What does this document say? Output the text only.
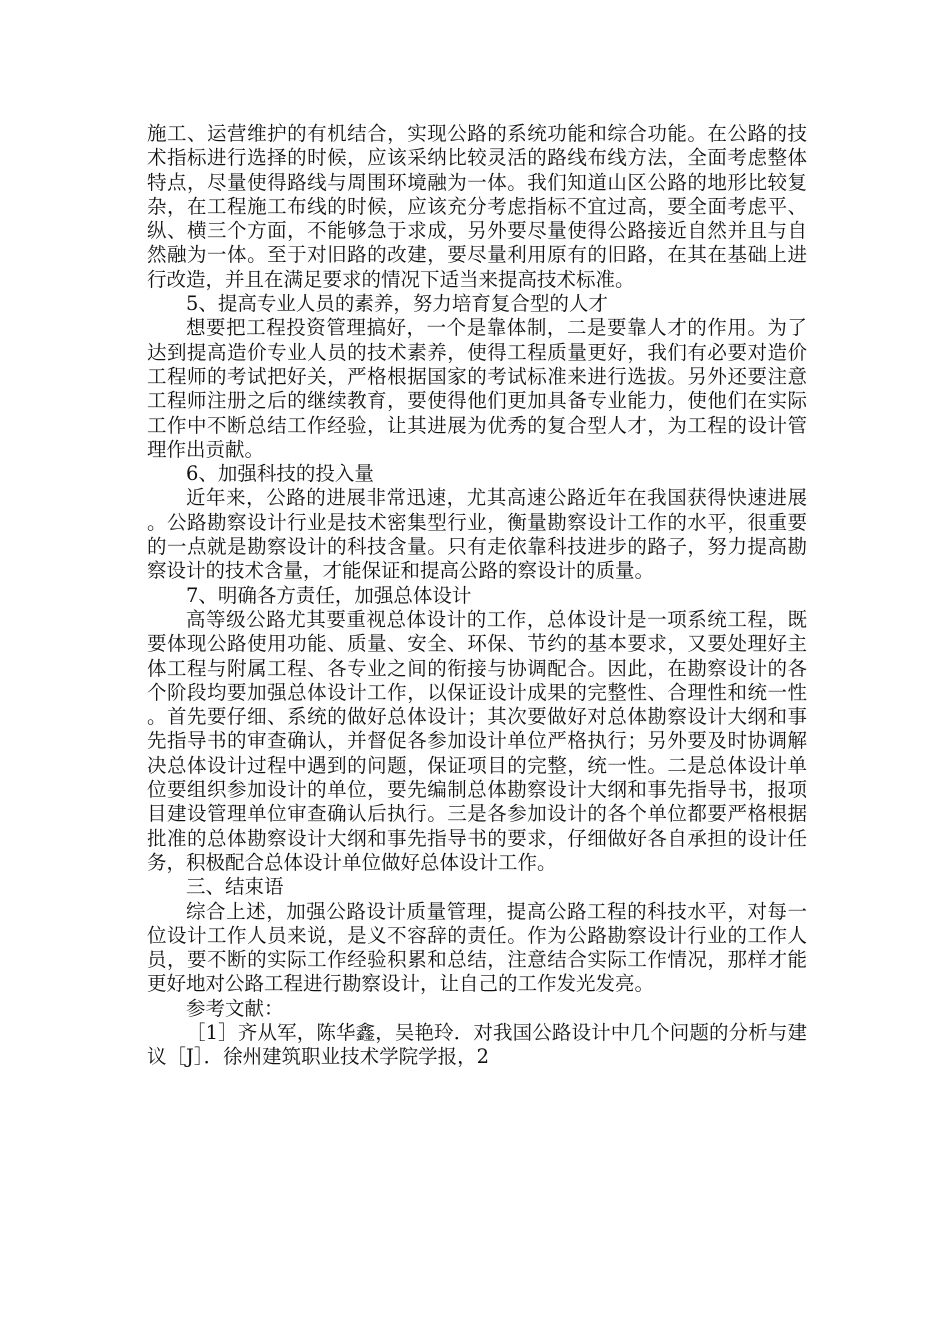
施工、运营维护的有机结合，实现公路的系统功能和综合功能。在公路的技术指标进行选择的时候，应该采纳比较灵活的路线布线方法，全面考虑整体特点，尽量使得路线与周围环境融为一体。我们知道山区公路的地形比较复杂，在工程施工布线的时候，应该充分考虑指标不宜过高，要全面考虑平、纵、横三个方面，不能够急于求成，另外要尽量使得公路接近自然并且与自然融为一体。至于对旧路的改建，要尽量利用原有的旧路，在其在基础上进行改造，并且在满足要求的情况下适当来提高技术标准。

5、提高专业人员的素养，努力培育复合型的人才

想要把工程投资管理搞好，一个是靠体制，二是要靠人才的作用。为了达到提高造价专业人员的技术素养，使得工程质量更好，我们有必要对造价工程师的考试把好关，严格根据国家的考试标准来进行选拔。另外还要注意工程师注册之后的继续教育，要使得他们更加具备专业能力，使他们在实际工作中不断总结工作经验，让其进展为优秀的复合型人才，为工程的设计管理作出贡献。

6、加强科技的投入量

近年来，公路的进展非常迅速，尤其高速公路近年在我国获得快速进展。公路勘察设计行业是技术密集型行业，衡量勘察设计工作的水平，很重要的一点就是勘察设计的科技含量。只有走依靠科技进步的路子，努力提高勘察设计的技术含量，才能保证和提高公路的察设计的质量。

7、明确各方责任，加强总体设计

高等级公路尤其要重视总体设计的工作，总体设计是一项系统工程，既要体现公路使用功能、质量、安全、环保、节约的基本要求，又要处理好主体工程与附属工程、各专业之间的衔接与协调配合。因此，在勘察设计的各个阶段均要加强总体设计工作，以保证设计成果的完整性、合理性和统一性。首先要仔细、系统的做好总体设计；其次要做好对总体勘察设计大纲和事先指导书的审查确认，并督促各参加设计单位严格执行；另外要及时协调解决总体设计过程中遇到的问题，保证项目的完整，统一性。二是总体设计单位要组织参加设计的单位，要先编制总体勘察设计大纲和事先指导书，报项目建设管理单位审查确认后执行。三是各参加设计的各个单位都要严格根据批准的总体勘察设计大纲和事先指导书的要求，仔细做好各自承担的设计任务，积极配合总体设计单位做好总体设计工作。

三、结束语

综合上述，加强公路设计质量管理，提高公路工程的科技水平，对每一位设计工作人员来说，是义不容辞的责任。作为公路勘察设计行业的工作人员，要不断的实际工作经验积累和总结，注意结合实际工作情况，那样才能更好地对公路工程进行勘察设计，让自己的工作发光发亮。

参考文献：

［1］齐从军，陈华鑫，吴艳玲．对我国公路设计中几个问题的分析与建议［J］．徐州建筑职业技术学院学报，2
